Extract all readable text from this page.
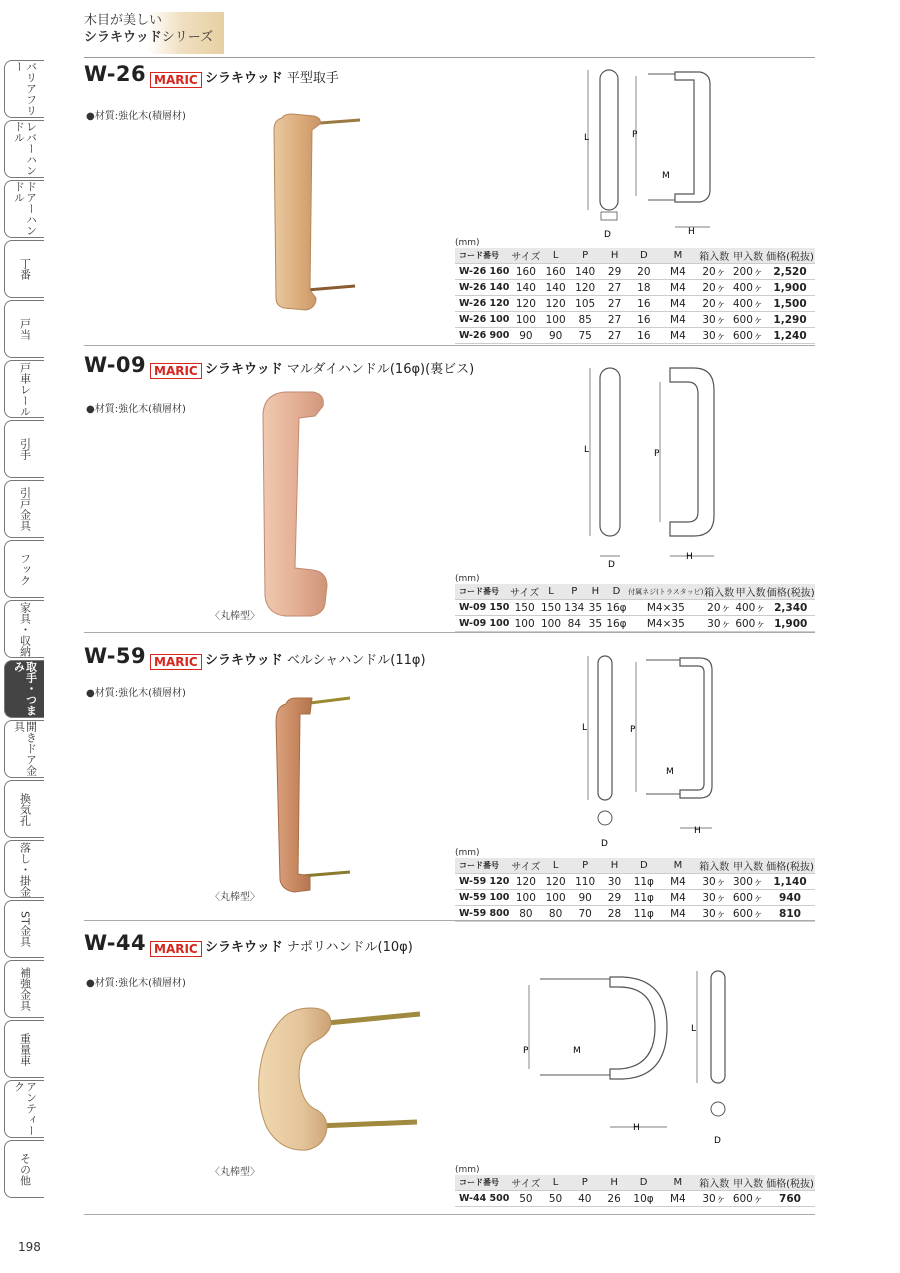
木目が美しい
シラキウッドシリーズ
バリアフリー
レバーハンドル
ドアーハンドル
丁番
戸当
戸車レール
引手
引戸金具
フック
家具・収納
取手・つまみ
開きドア金具
換気孔
落し・掛金
ST金具
補強金具
重量車
アンティーク
その他
W-26 MARIC シラキウッド 平型取手
●材質:強化木(積層材)
L
D
P
M
H
(mm)
コード番号	サイズ	L	P	H	D	M	箱入数	甲入数	価格(税抜)
W-26 160	160	160	140	29	20	M4	20ヶ	200ヶ	2,520
W-26 140	140	140	120	27	18	M4	20ヶ	400ヶ	1,900
W-26 120	120	120	105	27	16	M4	20ヶ	400ヶ	1,500
W-26 100	100	100	85	27	16	M4	30ヶ	600ヶ	1,290
W-26 900	90	90	75	27	16	M4	30ヶ	600ヶ	1,240
W-09 MARIC シラキウッド マルダイハンドル(16φ)(裏ビス)
●材質:強化木(積層材)
〈丸棒型〉
L
D
P
H
(mm)
コード番号	サイズ	L	P	H	D	付属ネジ(トラスタッピ)	箱入数	甲入数	価格(税抜)
W-09 150	150	150	134	35	16φ	M4×35	20ヶ	400ヶ	2,340
W-09 100	100	100	84	35	16φ	M4×35	30ヶ	600ヶ	1,900
W-59 MARIC シラキウッド ベルシャハンドル(11φ)
●材質:強化木(積層材)
〈丸棒型〉
L
D
P
M
H
(mm)
コード番号	サイズ	L	P	H	D	M	箱入数	甲入数	価格(税抜)
W-59 120	120	120	110	30	11φ	M4	30ヶ	300ヶ	1,140
W-59 100	100	100	90	29	11φ	M4	30ヶ	600ヶ	940
W-59 800	80	80	70	28	11φ	M4	30ヶ	600ヶ	810
W-44 MARIC シラキウッド ナポリハンドル(10φ)
●材質:強化木(積層材)
〈丸棒型〉
P	M
H
L
D
(mm)
コード番号	サイズ	L	P	H	D	M	箱入数	甲入数	価格(税抜)
W-44 500	50	50	40	26	10φ	M4	30ヶ	600ヶ	760
198
